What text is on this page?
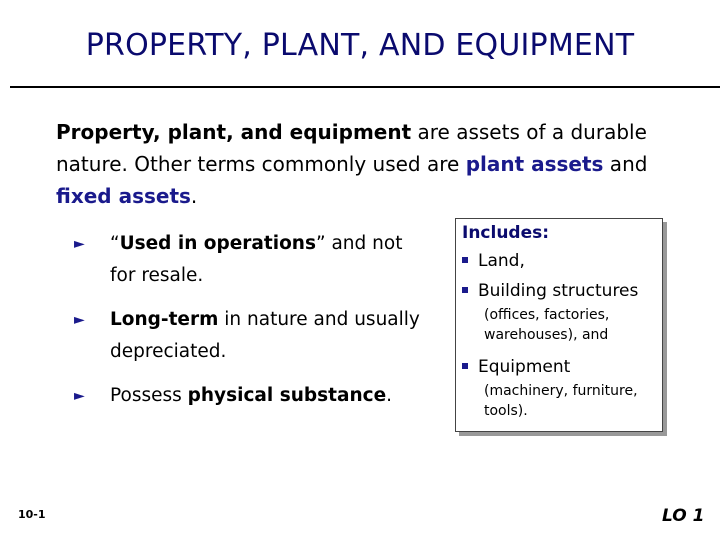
PROPERTY, PLANT, AND EQUIPMENT
Property, plant, and equipment are assets of a durable nature. Other terms commonly used are plant assets and fixed assets.
► “Used in operations” and not for resale.
► Long-term in nature and usually depreciated.
► Possess physical substance.
Includes:
Land,
Building structures
(offices, factories, warehouses), and
Equipment
(machinery, furniture, tools).
10-1	LO 1
